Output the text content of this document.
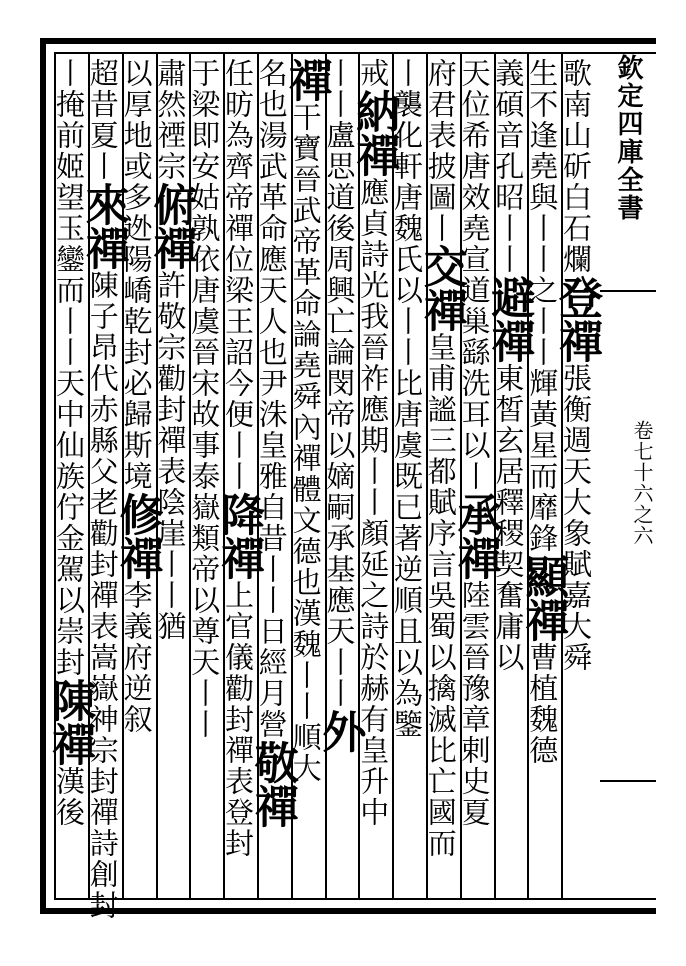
欽定四庫全書
卷七十六之六
歌南山斫白石爛登禪張衡週天大象賦嘉大舜
生不逢堯與丨丨之丨丨輝黃星而靡鋒顯禪曹植魏德
義碩音孔昭丨丨避禪東皙玄居釋稷契奮庸以
天位希唐效堯宣道巢繇洗耳以丨承禪陸雲晉豫章剌史夏
府君表披圖丨交禪皇甫謐三都賦序言吳蜀以擒滅比亡國而
丨襲化軒唐魏氏以丨丨比唐虞既已著逆順且以為鑒
戒納禪應貞詩光我晉祚應期丨丨顏延之詩於赫有皇升中
丨丨盧思道後周興亡論閔帝以嫡嗣承基應天丨丨外
禪干寶晉武帝革命論堯舜內禪體文德也漢魏丨丨順大
名也湯武革命應天人也尹洙皇雅自昔丨丨日經月營敬禪
任昉為齊帝禪位梁王詔今便丨丨降禪上官儀勸封禪表登封
于梁即安姑孰依唐虞晉宋故事泰嶽類帝以尊天丨丨
肅然禋宗俯禪許敬宗勸封禪表陰崖丨丨猶
以厚地或多迯陽嶠乾封必歸斯境修禪李義府逆叙
超昔夏丨來禪陳子昂代赤縣父老勸封禪表嵩嶽神宗封禪詩創封
丨掩前姬望玉鑾而丨丨天中仙族佇金駕以崇封陳禪漢後
